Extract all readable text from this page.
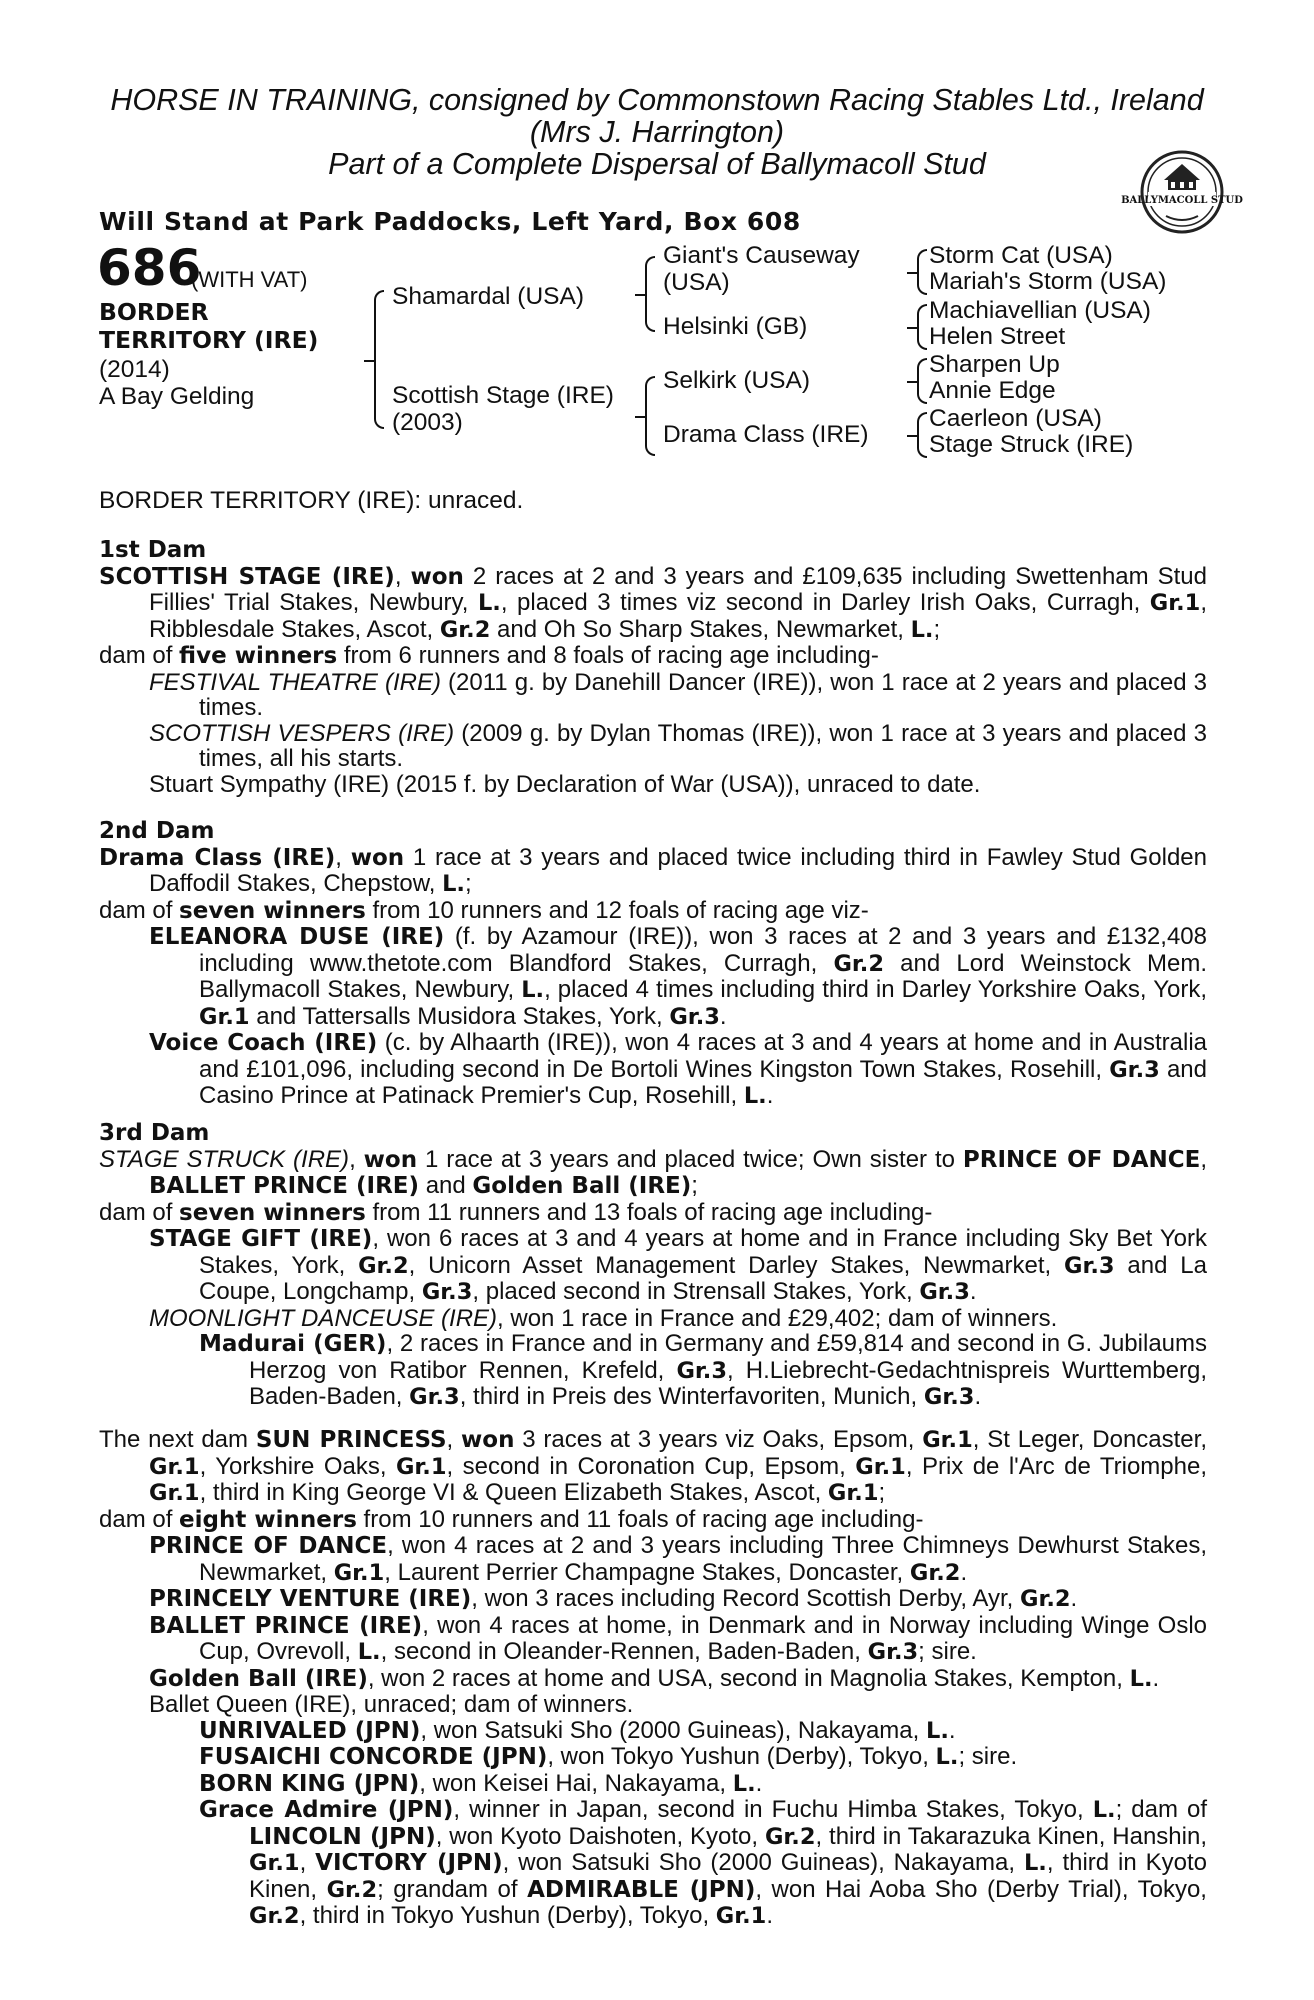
HORSE IN TRAINING, consigned by Commonstown Racing Stables Ltd., Ireland
(Mrs J. Harrington)
Part of a Complete Dispersal of Ballymacoll Stud
BALLYMACOLL STUD
Will Stand at Park Paddocks, Left Yard, Box 608
686
(WITH VAT)
BORDER
TERRITORY (IRE)
(2014)
A Bay Gelding
Shamardal (USA)
Scottish Stage (IRE)
(2003)
Giant's Causeway
(USA)
Helsinki (GB)
Selkirk (USA)
Drama Class (IRE)
Storm Cat (USA)
Mariah's Storm (USA)
Machiavellian (USA)
Helen Street
Sharpen Up
Annie Edge
Caerleon (USA)
Stage Struck (IRE)
BORDER TERRITORY (IRE): unraced.

1st Dam

SCOTTISH STAGE (IRE), won 2 races at 2 and 3 years and £109,635 including Swettenham Stud Fillies' Trial Stakes, Newbury, L., placed 3 times viz second in Darley Irish Oaks, Curragh, Gr.1, Ribblesdale Stakes, Ascot, Gr.2 and Oh So Sharp Stakes, Newmarket, L.;

dam of five winners from 6 runners and 8 foals of racing age including-

FESTIVAL THEATRE (IRE) (2011 g. by Danehill Dancer (IRE)), won 1 race at 2 years and placed 3 times.

SCOTTISH VESPERS (IRE) (2009 g. by Dylan Thomas (IRE)), won 1 race at 3 years and placed 3 times, all his starts.

Stuart Sympathy (IRE) (2015 f. by Declaration of War (USA)), unraced to date.

2nd Dam

Drama Class (IRE), won 1 race at 3 years and placed twice including third in Fawley Stud Golden Daffodil Stakes, Chepstow, L.;

dam of seven winners from 10 runners and 12 foals of racing age viz-

ELEANORA DUSE (IRE) (f. by Azamour (IRE)), won 3 races at 2 and 3 years and £132,408 including www.thetote.com Blandford Stakes, Curragh, Gr.2 and Lord Weinstock Mem. Ballymacoll Stakes, Newbury, L., placed 4 times including third in Darley Yorkshire Oaks, York, Gr.1 and Tattersalls Musidora Stakes, York, Gr.3.

Voice Coach (IRE) (c. by Alhaarth (IRE)), won 4 races at 3 and 4 years at home and in Australia and £101,096, including second in De Bortoli Wines Kingston Town Stakes, Rosehill, Gr.3 and Casino Prince at Patinack Premier's Cup, Rosehill, L..

3rd Dam

STAGE STRUCK (IRE), won 1 race at 3 years and placed twice; Own sister to PRINCE OF DANCE, BALLET PRINCE (IRE) and Golden Ball (IRE);

dam of seven winners from 11 runners and 13 foals of racing age including-

STAGE GIFT (IRE), won 6 races at 3 and 4 years at home and in France including Sky Bet York Stakes, York, Gr.2, Unicorn Asset Management Darley Stakes, Newmarket, Gr.3 and La Coupe, Longchamp, Gr.3, placed second in Strensall Stakes, York, Gr.3.

MOONLIGHT DANCEUSE (IRE), won 1 race in France and £29,402; dam of winners.

Madurai (GER), 2 races in France and in Germany and £59,814 and second in G. Jubilaums Herzog von Ratibor Rennen, Krefeld, Gr.3, H.Liebrecht-Gedachtnispreis Wurttemberg, Baden-Baden, Gr.3, third in Preis des Winterfavoriten, Munich, Gr.3.

The next dam SUN PRINCESS, won 3 races at 3 years viz Oaks, Epsom, Gr.1, St Leger, Doncaster, Gr.1, Yorkshire Oaks, Gr.1, second in Coronation Cup, Epsom, Gr.1, Prix de l'Arc de Triomphe, Gr.1, third in King George VI & Queen Elizabeth Stakes, Ascot, Gr.1;

dam of eight winners from 10 runners and 11 foals of racing age including-

PRINCE OF DANCE, won 4 races at 2 and 3 years including Three Chimneys Dewhurst Stakes, Newmarket, Gr.1, Laurent Perrier Champagne Stakes, Doncaster, Gr.2.

PRINCELY VENTURE (IRE), won 3 races including Record Scottish Derby, Ayr, Gr.2.

BALLET PRINCE (IRE), won 4 races at home, in Denmark and in Norway including Winge Oslo Cup, Ovrevoll, L., second in Oleander-Rennen, Baden-Baden, Gr.3; sire.

Golden Ball (IRE), won 2 races at home and USA, second in Magnolia Stakes, Kempton, L..

Ballet Queen (IRE), unraced; dam of winners.

UNRIVALED (JPN), won Satsuki Sho (2000 Guineas), Nakayama, L..

FUSAICHI CONCORDE (JPN), won Tokyo Yushun (Derby), Tokyo, L.; sire.

BORN KING (JPN), won Keisei Hai, Nakayama, L..

Grace Admire (JPN), winner in Japan, second in Fuchu Himba Stakes, Tokyo, L.; dam of LINCOLN (JPN), won Kyoto Daishoten, Kyoto, Gr.2, third in Takarazuka Kinen, Hanshin, Gr.1, VICTORY (JPN), won Satsuki Sho (2000 Guineas), Nakayama, L., third in Kyoto Kinen, Gr.2; grandam of ADMIRABLE (JPN), won Hai Aoba Sho (Derby Trial), Tokyo, Gr.2, third in Tokyo Yushun (Derby), Tokyo, Gr.1.
